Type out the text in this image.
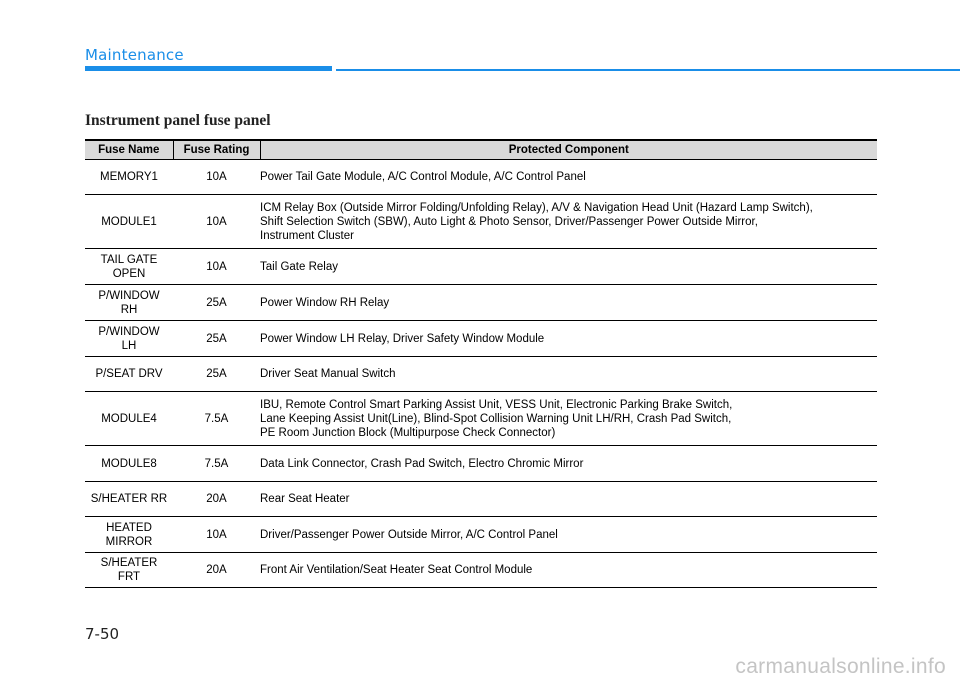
Maintenance
Instrument panel fuse panel
Fuse Name	Fuse Rating	Protected Component

MEMORY1	10A	Power Tail Gate Module, A/C Control Module, A/C Control Panel

MODULE1	10A	ICM Relay Box (Outside Mirror Folding/Unfolding Relay), A/V & Navigation Head Unit (Hazard Lamp Switch),
Shift Selection Switch (SBW), Auto Light & Photo Sensor, Driver/Passenger Power Outside Mirror,
Instrument Cluster

TAIL GATE
OPEN	10A	Tail Gate Relay

P/WINDOW
RH	25A	Power Window RH Relay

P/WINDOW
LH	25A	Power Window LH Relay, Driver Safety Window Module

P/SEAT DRV	25A	Driver Seat Manual Switch

MODULE4	7.5A	IBU, Remote Control Smart Parking Assist Unit, VESS Unit, Electronic Parking Brake Switch,
Lane Keeping Assist Unit(Line), Blind-Spot Collision Warning Unit LH/RH, Crash Pad Switch,
PE Room Junction Block (Multipurpose Check Connector)

MODULE8	7.5A	Data Link Connector, Crash Pad Switch, Electro Chromic Mirror

S/HEATER RR	20A	Rear Seat Heater

HEATED
MIRROR	10A	Driver/Passenger Power Outside Mirror, A/C Control Panel

S/HEATER
FRT	20A	Front Air Ventilation/Seat Heater Seat Control Module
7-50
carmanualsonline.info
